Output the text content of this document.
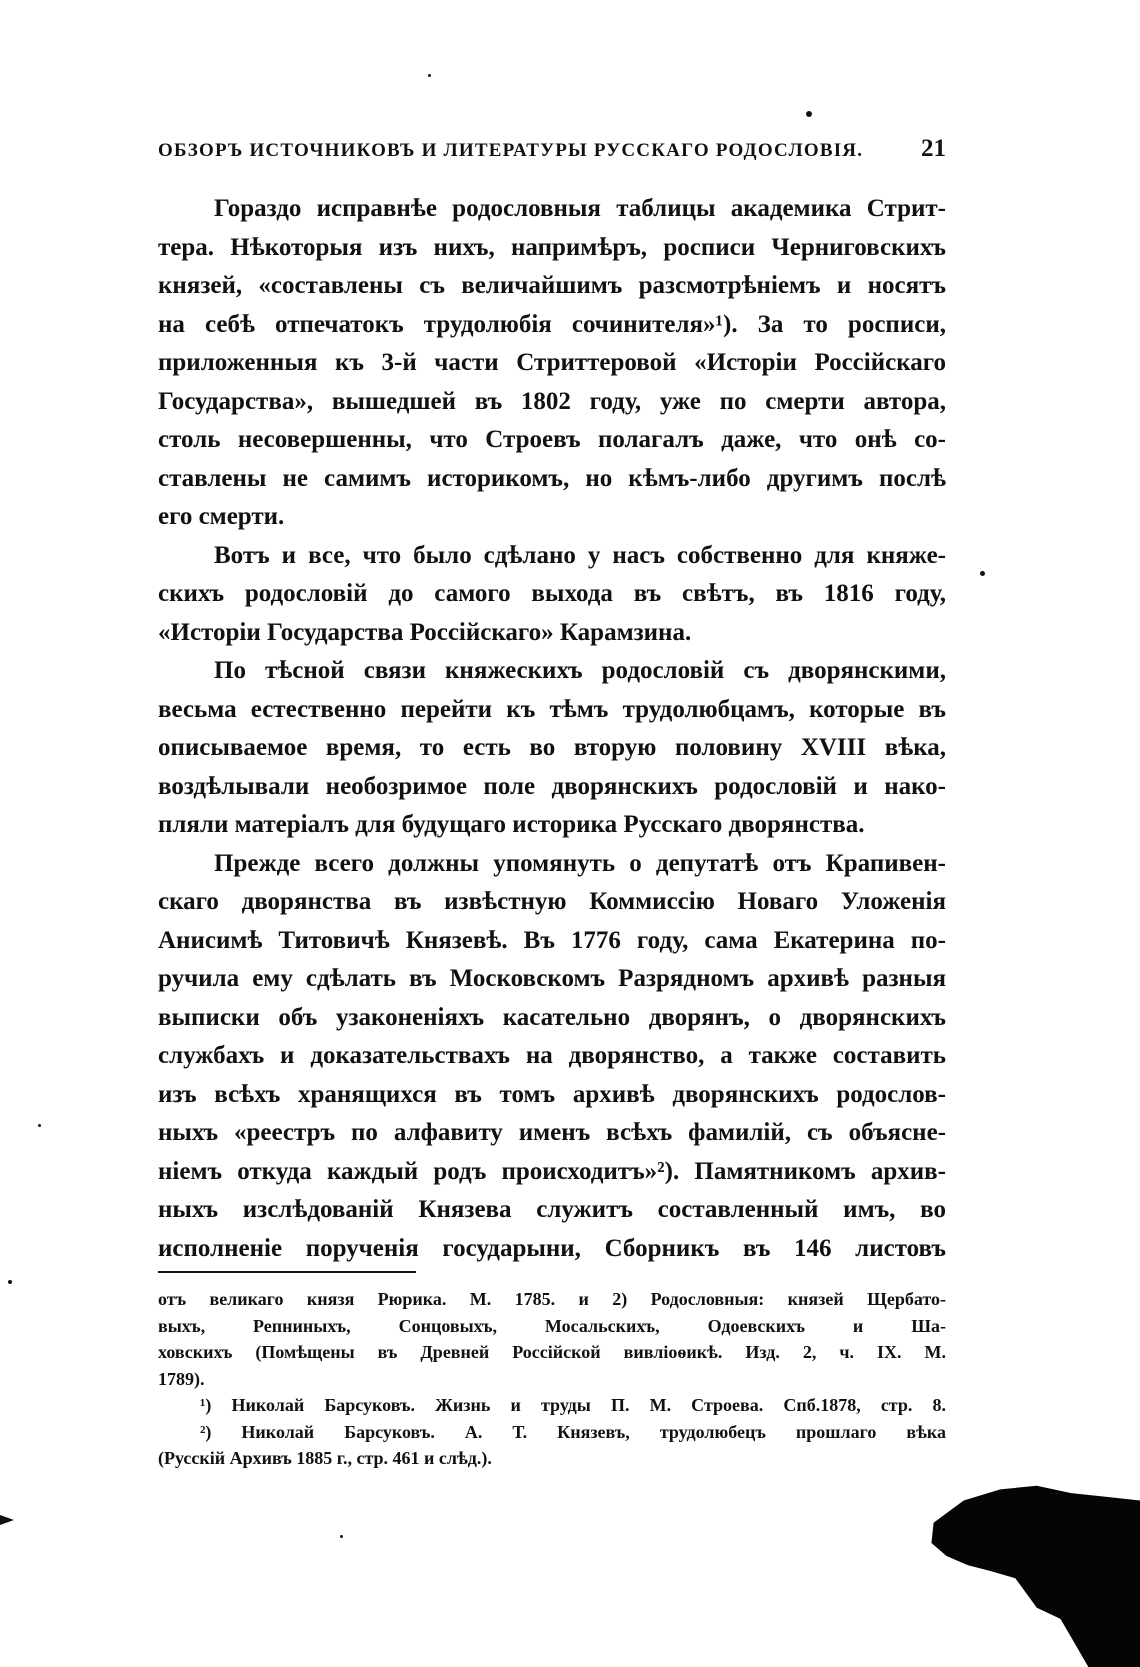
ОБЗОРЪ ИСТОЧНИКОВЪ И ЛИТЕРАТУРЫ РУССКАГО РОДОСЛОВІЯ. 21
Гораздо исправнѣе родословныя таблицы академика Стрит-
тера. Нѣкоторыя изъ нихъ, напримѣръ, росписи Черниговскихъ
князей, «составлены съ величайшимъ разсмотрѣніемъ и носятъ
на себѣ отпечатокъ трудолюбія сочинителя»¹). За то росписи,
приложенныя къ 3-й части Стриттеровой «Исторіи Россійскаго
Государства», вышедшей въ 1802 году, уже по смерти автора,
столь несовершенны, что Строевъ полагалъ даже, что онѣ со-
ставлены не самимъ историкомъ, но кѣмъ-либо другимъ послѣ
его смерти.
Вотъ и все, что было сдѣлано у насъ собственно для княже-
скихъ родословій до самого выхода въ свѣтъ, въ 1816 году,
«Исторіи Государства Россійскаго» Карамзина.
По тѣсной связи княжескихъ родословій съ дворянскими,
весьма естественно перейти къ тѣмъ трудолюбцамъ, которые въ
описываемое время, то есть во вторую половину XVIII вѣка,
воздѣлывали необозримое поле дворянскихъ родословій и нако-
пляли матеріалъ для будущаго историка Русскаго дворянства.
Прежде всего должны упомянуть о депутатѣ отъ Крапивен-
скаго дворянства въ извѣстную Коммиссію Новаго Уложенія
Анисимѣ Титовичѣ Князевѣ. Въ 1776 году, сама Екатерина по-
ручила ему сдѣлать въ Московскомъ Разрядномъ архивѣ разныя
выписки объ узаконеніяхъ касательно дворянъ, о дворянскихъ
службахъ и доказательствахъ на дворянство, а также составить
изъ всѣхъ хранящихся въ томъ архивѣ дворянскихъ родослов-
ныхъ «реестръ по алфавиту именъ всѣхъ фамилій, съ объясне-
ніемъ откуда каждый родъ происходитъ»²). Памятникомъ архив-
ныхъ изслѣдованій Князева служитъ составленный имъ, во
исполненіе порученія государыни, Сборникъ въ 146 листовъ
отъ великаго князя Рюрика. М. 1785. и 2) Родословныя: князей Щербато-
выхъ, Репниныхъ, Сонцовыхъ, Мосальскихъ, Одоевскихъ и Ша-
ховскихъ (Помѣщены въ Древней Россійской вивліоѳикѣ. Изд. 2, ч. IX. М.
1789).
¹) Николай Барсуковъ. Жизнь и труды П. М. Строева. Спб.1878, стр. 8.
²) Николай Барсуковъ. А. Т. Князевъ, трудолюбецъ прошлаго вѣка
(Русскій Архивъ 1885 г., стр. 461 и слѣд.).
